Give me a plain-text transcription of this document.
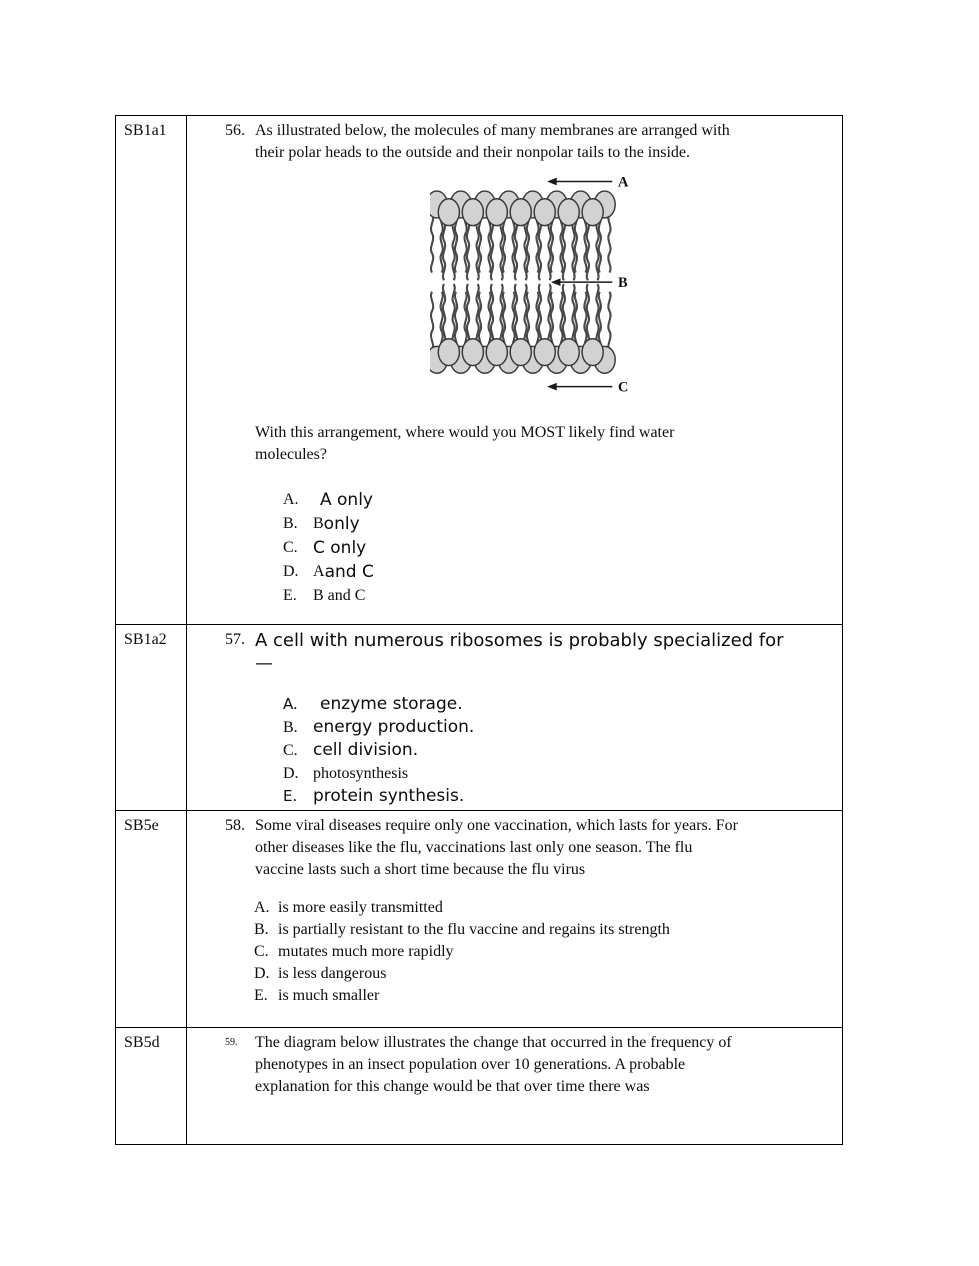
SB1a1	56. As illustrated below, the molecules of many membranes are arranged with
their polar heads to the outside and their nonpolar tails to the inside.
A
B
C
With this arrangement, where would you MOST likely find water
molecules?
A.	A only
B. B only
C. C only
D. A and C
E.	B and C
SB1a2	57. A cell with numerous ribosomes is probably specialized for
—
A.	enzyme storage.
B. energy production.
C. cell division.
D. photosynthesis
E. protein synthesis.
SB5e	58. Some viral diseases require only one vaccination, which lasts for years. For
other diseases like the flu, vaccinations last only one season. The flu
vaccine lasts such a short time because the flu virus
A. is more easily transmitted
B. is partially resistant to the flu vaccine and regains its strength
C. mutates much more rapidly
D. is less dangerous
E. is much smaller
SB5d	59.	The diagram below illustrates the change that occurred in the frequency of
phenotypes in an insect population over 10 generations. A probable
explanation for this change would be that over time there was
